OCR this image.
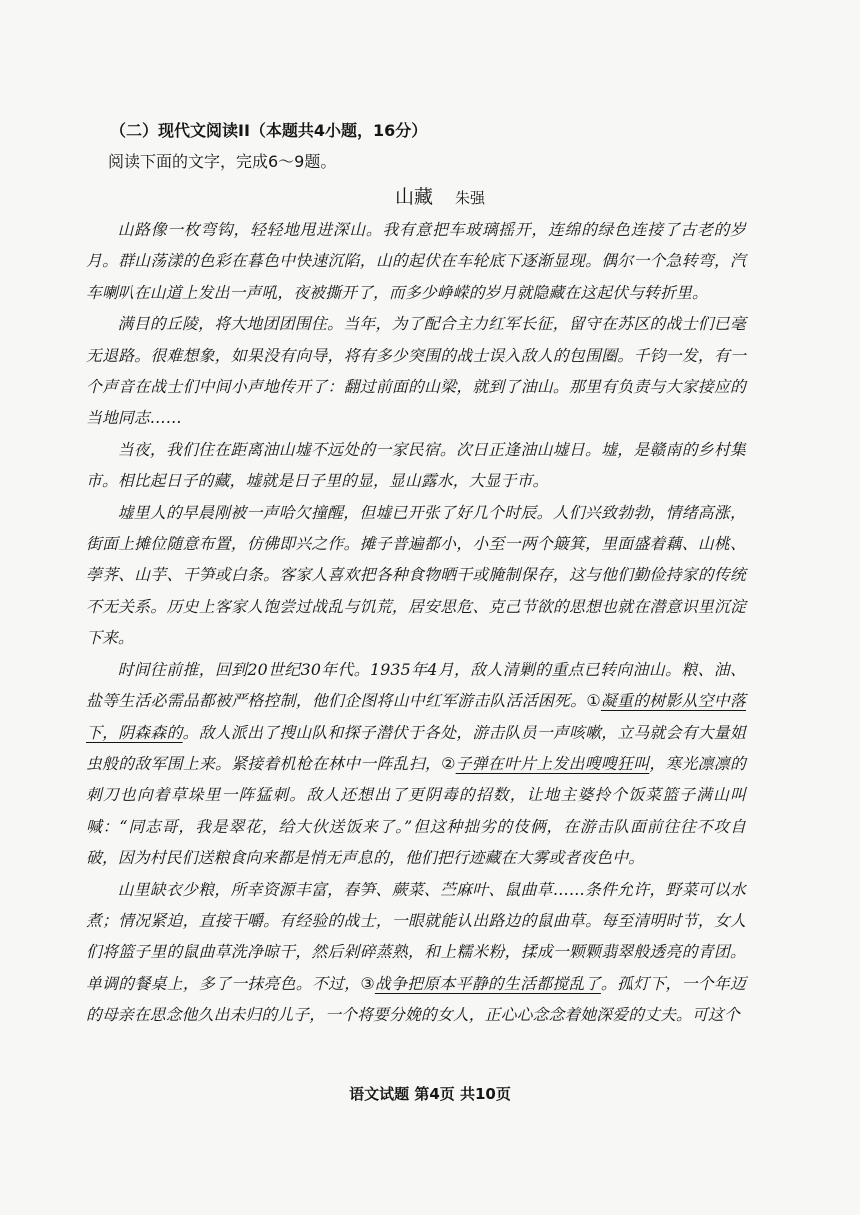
（二）现代文阅读II（本题共4小题，16分）
阅读下面的文字，完成6～9题。
山藏 朱强

山路像一枚弯钩，轻轻地甩进深山。我有意把车玻璃摇开，连绵的绿色连接了古老的岁月。群山荡漾的色彩在暮色中快速沉陷，山的起伏在车轮底下逐渐显现。偶尔一个急转弯，汽车喇叭在山道上发出一声吼，夜被撕开了，而多少峥嵘的岁月就隐藏在这起伏与转折里。

满目的丘陵，将大地团团围住。当年，为了配合主力红军长征，留守在苏区的战士们已毫无退路。很难想象，如果没有向导，将有多少突围的战士误入敌人的包围圈。千钧一发，有一个声音在战士们中间小声地传开了：翻过前面的山梁，就到了油山。那里有负责与大家接应的当地同志……

当夜，我们住在距离油山墟不远处的一家民宿。次日正逢油山墟日。墟，是赣南的乡村集市。相比起日子的藏，墟就是日子里的显，显山露水，大显于市。

墟里人的早晨刚被一声哈欠撞醒，但墟已开张了好几个时辰。人们兴致勃勃，情绪高涨，街面上摊位随意布置，仿佛即兴之作。摊子普遍都小，小至一两个簸箕，里面盛着藕、山桃、荸荠、山芋、干笋或白条。客家人喜欢把各种食物晒干或腌制保存，这与他们勤俭持家的传统不无关系。历史上客家人饱尝过战乱与饥荒，居安思危、克己节欲的思想也就在潜意识里沉淀下来。

时间往前推，回到20世纪30年代。1935年4月，敌人清剿的重点已转向油山。粮、油、盐等生活必需品都被严格控制，他们企图将山中红军游击队活活困死。①凝重的树影从空中落下，阴森森的。敌人派出了搜山队和探子潜伏于各处，游击队员一声咳嗽，立马就会有大量姐虫般的敌军围上来。紧接着机枪在林中一阵乱扫，②子弹在叶片上发出嗖嗖狂叫，寒光凛凛的刺刀也向着草垛里一阵猛刺。敌人还想出了更阴毒的招数，让地主婆拎个饭菜篮子满山叫喊：“同志哥，我是翠花，给大伙送饭来了。”但这种拙劣的伎俩，在游击队面前往往不攻自破，因为村民们送粮食向来都是悄无声息的，他们把行迹藏在大雾或者夜色中。

山里缺衣少粮，所幸资源丰富，春笋、蕨菜、苎麻叶、鼠曲草……条件允许，野菜可以水煮；情况紧迫，直接干嚼。有经验的战士，一眼就能认出路边的鼠曲草。每至清明时节，女人们将篮子里的鼠曲草洗净晾干，然后剁碎蒸熟，和上糯米粉，揉成一颗颗翡翠般透亮的青团。单调的餐桌上，多了一抹亮色。不过，③战争把原本平静的生活都搅乱了。孤灯下，一个年迈的母亲在思念他久出未归的儿子，一个将要分娩的女人，正心心念念着她深爱的丈夫。可这个

语文试题 第4页 共10页
